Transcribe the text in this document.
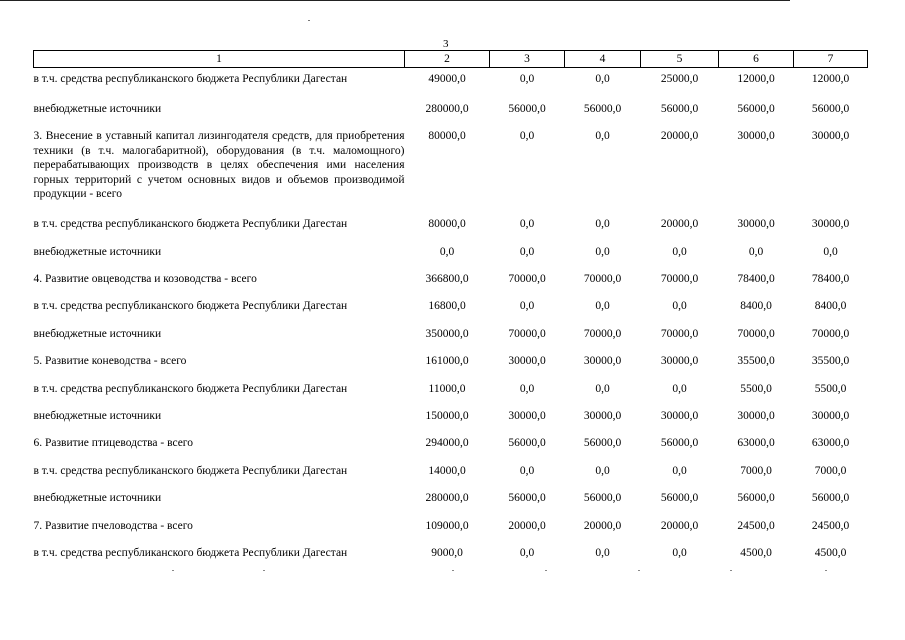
3
1	2	3	4	5	6	7
в т.ч. средства республиканского бюджета Республики Дагестан	49000,0	0,0	0,0	25000,0	12000,0	12000,0
внебюджетные источники	280000,0	56000,0	56000,0	56000,0	56000,0	56000,0
3. Внесение в уставный капитал лизингодателя средств, для приобретения техники (в т.ч. малогабаритной), оборудования (в т.ч. маломощного) перерабатывающих производств в целях обеспечения ими населения горных территорий с учетом основных видов и объемов производимой продукции - всего	80000,0	0,0	0,0	20000,0	30000,0	30000,0
в т.ч. средства республиканского бюджета Республики Дагестан	80000,0	0,0	0,0	20000,0	30000,0	30000,0
внебюджетные источники	0,0	0,0	0,0	0,0	0,0	0,0
4. Развитие овцеводства и козоводства - всего	366800,0	70000,0	70000,0	70000,0	78400,0	78400,0
в т.ч. средства республиканского бюджета Республики Дагестан	16800,0	0,0	0,0	0,0	8400,0	8400,0
внебюджетные источники	350000,0	70000,0	70000,0	70000,0	70000,0	70000,0
5. Развитие коневодства - всего	161000,0	30000,0	30000,0	30000,0	35500,0	35500,0
в т.ч. средства республиканского бюджета Республики Дагестан	11000,0	0,0	0,0	0,0	5500,0	5500,0
внебюджетные источники	150000,0	30000,0	30000,0	30000,0	30000,0	30000,0
6. Развитие птицеводства - всего	294000,0	56000,0	56000,0	56000,0	63000,0	63000,0
в т.ч. средства республиканского бюджета Республики Дагестан	14000,0	0,0	0,0	0,0	7000,0	7000,0
внебюджетные источники	280000,0	56000,0	56000,0	56000,0	56000,0	56000,0
7. Развитие пчеловодства - всего	109000,0	20000,0	20000,0	20000,0	24500,0	24500,0
в т.ч. средства республиканского бюджета Республики Дагестан	9000,0	0,0	0,0	0,0	4500,0	4500,0
